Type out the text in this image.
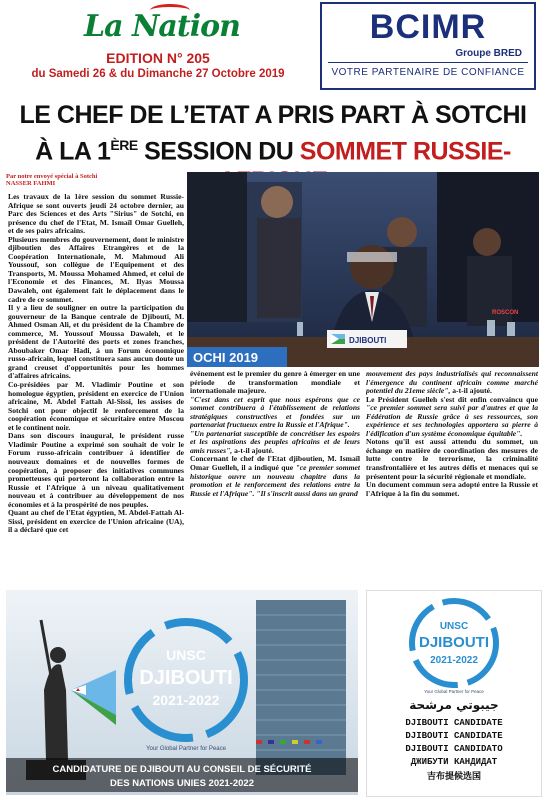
La Nation
EDITION N° 205
du Samedi 26 & du Dimanche 27 Octobre 2019
BCIMR
Groupe BRED
VOTRE PARTENAIRE DE CONFIANCE
LE CHEF DE L’ETAT A PRIS PART À SOTCHI
À LA 1ÈRE SESSION DU SOMMET RUSSIE-
Par notre envoyé spécial à Sotchi
NASSER FAHMI

Les travaux de la 1ère session du sommet Russie-Afrique se sont ouverts jeudi 24 octobre dernier, au Parc des Sciences et des Arts "Sirius" de Sotchi, en présence du chef de l'Etat, M. Ismaïl Omar Guelleh, et de ses pairs africains.

Plusieurs membres du gouvernement, dont le ministre djiboutien des Affaires Etrangères et de la Coopération Internationale, M. Mahmoud Ali Youssouf, son collègue de l'Equipement et des Transports, M. Moussa Mohamed Ahmed, et celui de l'Economie et des Finances, M. Ilyas Moussa Dawaleh, ont également fait le déplacement dans le cadre de ce sommet.

Il y a lieu de souligner en outre la participation du gouverneur de la Banque centrale de Djibouti, M. Ahmed Osman Ali, et du président de la Chambre de commerce, M. Youssouf Moussa Dawaleh, et le président de l'Autorité des ports et zones franches, Aboubaker Omar Hadi, à un Forum économique russo-africain, lequel constituera sans aucun doute un grand creuset d'opportunités pour les hommes d'affaires africains.

Co-présidées par M. Vladimir Poutine et son homologue égyptien, président en exercice de l'Union africaine, M. Abdel Fattah Al-Sissi, les assises de Sotchi ont pour objectif le renforcement de la coopération économique et sécuritaire entre Moscou et le continent noir.

Dans son discours inaugural, le président russe Vladimir Poutine a exprimé son souhait de voir le Forum russo-africain contribuer à identifier de nouveaux domaines et de nouvelles formes de coopération, à proposer des initiatives communes prometteuses qui porteront la collaboration entre la Russie et l'Afrique à un niveau qualitativement nouveau et à contribuer au développement de nos économies et à la prospérité de nos peuples.

Quant au chef de l'Etat égyptien, M. Abdel-Fattah Al-Sissi, président en exercice de l'Union africaine (UA), il a déclaré que cet

DJIBOUTI
OCHI 2019
ROSCON

événement est le premier du genre à émerger en une période de transformation mondiale et internationale majeure.

"C'est dans cet esprit que nous espérons que ce sommet contribuera à l'établissement de relations stratégiques constructives et fondées sur un partenariat fructueux entre la Russie et l'Afrique".

"Un partenariat susceptible de concrétiser les espoirs et les aspirations des peuples africains et de leurs amis russes", a-t-il ajouté.

Concernant le chef de l'Etat djiboutien, M. Ismaïl Omar Guelleh, il a indiqué que "ce premier sommet historique ouvre un nouveau chapitre dans la promotion et le renforcement des relations entre la Russie et l'Afrique". "Il s'inscrit aussi dans un grand

mouvement des pays industrialisés qui reconnaissent l'émergence du continent africain comme marché potentiel du 21eme siècle", a-t-il ajouté.

Le Président Guelleh s'est dit enfin convaincu que "ce premier sommet sera suivi par d'autres et que la Fédération de Russie grâce à ses ressources, son expérience et ses technologies apportera sa pierre à l'édification d'un système économique équitable".

Notons qu'il est aussi attendu du sommet, un échange en matière de coordination des mesures de lutte contre le terrorisme, la criminalité transfrontalière et les autres défis et menaces qui se présentent pour la sécurité régionale et mondiale.

Un document commun sera adopté entre la Russie et l'Afrique à la fin du sommet.

UNSC
DJIBOUTI
2021-2022
Your Global Partner for Peace
CANDIDATURE DE DJIBOUTI AU CONSEIL DE SÉCURITÉ
DES NATIONS UNIES 2021-2022
UNSC
DJIBOUTI
2021-2022
Your Global Partner for Peace
جيبوتي مرشحة
DJIBOUTI CANDIDATE
DJIBOUTI CANDIDATE
DJIBOUTI CANDIDATO
ДЖИБУТИ КАНДИДАТ
吉布提候选国
